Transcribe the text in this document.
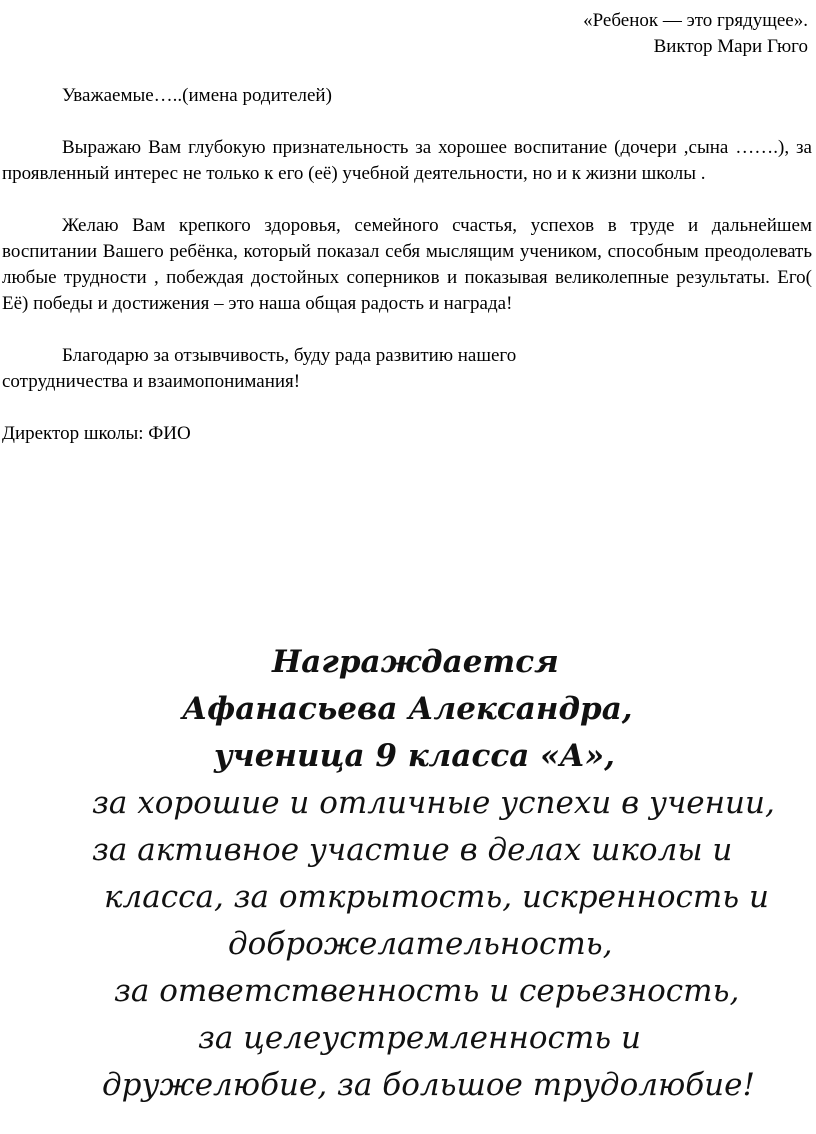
«Ребенок — это грядущее».
Виктор Мари Гюго

Уважаемые…..(имена родителей)

Выражаю Вам глубокую признательность за хорошее воспитание (дочери ,сына …….), за проявленный интерес не только к его (её) учебной деятельности, но и к жизни школы .

Желаю Вам крепкого здоровья, семейного счастья, успехов в труде и дальнейшем воспитании Вашего ребёнка, который показал себя мыслящим учеником, способным преодолевать любые трудности , побеждая достойных соперников и показывая великолепные результаты. Его( Её) победы и достижения – это наша общая радость и награда!

Благодарю за отзывчивость, буду рада развитию нашего

сотрудничества и взаимопонимания!

Директор школы: ФИО

Награждается
Афанасьева Александра,
ученица 9 класса «А»,
за хорошие и отличные успехи в учении,
за активное участие в делах школы и
класса, за открытость, искренность и
доброжелательность,
за ответственность и серьезность,
за целеустремленность и
дружелюбие, за большое трудолюбие!
